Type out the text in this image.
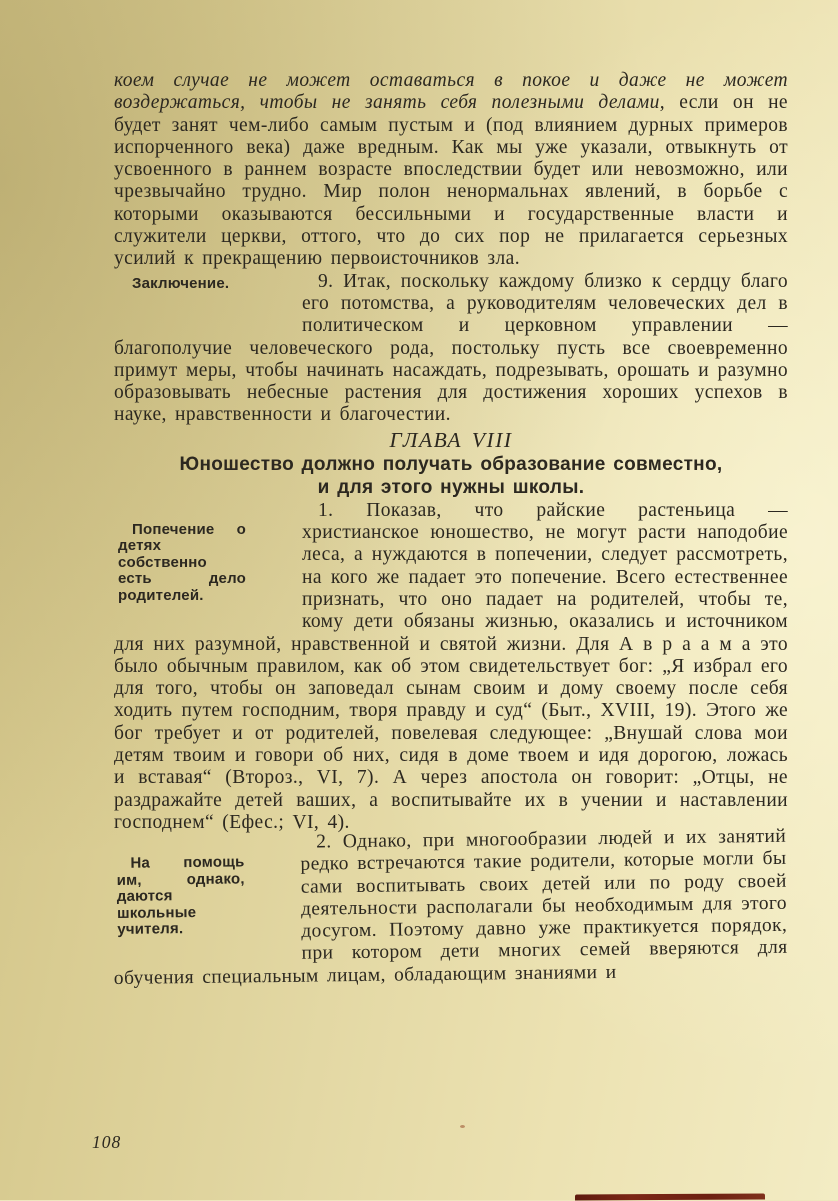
коем случае не может оставаться в покое и даже не может воздержаться, чтобы не занять себя полезными делами, если он не будет занят чем-либо самым пустым и (под влиянием дурных примеров испорченного века) даже вредным. Как мы уже указали, отвыкнуть от усвоенного в раннем возрасте впоследствии будет или невозможно, или чрезвычайно трудно. Мир полон ненормальнах явлений, в борьбе с которыми оказываются бессильными и государственные власти и служители церкви, оттого, что до сих пор не прилагается серьезных усилий к прекращению первоисточников зла.

Заключение.	9. Итак, поскольку каждому близко к сердцу благо его потомства, а руководителям человеческих дел в политическом и церковном управлении — благополучие человеческого рода, постольку пусть все своевременно примут меры, чтобы начинать насаждать, подрезывать, орошать и разумно образовывать небесные растения для достижения хороших успехов в науке, нравственности и благочестии.

ГЛАВА VIII

Юношество должно получать образование совместно,
и для этого нужны школы.

Попечение о детях собственно есть дело родителей.

1. Показав, что райские растеньица — христианское юношество, не могут расти наподобие леса, а нуждаются в попечении, следует рассмотреть, на кого же падает это попечение. Всего естественнее признать, что оно падает на родителей, чтобы те, кому дети обязаны жизнью, оказались и источником для них разумной, нравственной и святой жизни. Для А в р а а м а это было обычным правилом, как об этом свидетельствует бог: „Я избрал его для того, чтобы он заповедал сынам своим и дому своему после себя ходить путем господним, творя правду и суд“ (Быт., XVIII, 19). Этого же бог требует и от родителей, повелевая следующее: „Внушай слова мои детям твоим и говори об них, сидя в доме твоем и идя дорогою, ложась и вставая“ (Второз., VI, 7). А через апостола он говорит: „Отцы, не раздражайте детей ваших, а воспитывайте их в учении и наставлении господнем“ (Ефес.; VI, 4).

На помощь им, однако, даются школьные учителя.

2. Однако, при многообразии людей и их занятий редко встречаются такие родители, которые могли бы сами воспитывать своих детей или по роду своей деятельности располагали бы необходимым для этого досугом. Поэтому давно уже практикуется порядок, при котором дети многих семей вверяются для обучения специальным лицам, обладающим знаниями и

108
